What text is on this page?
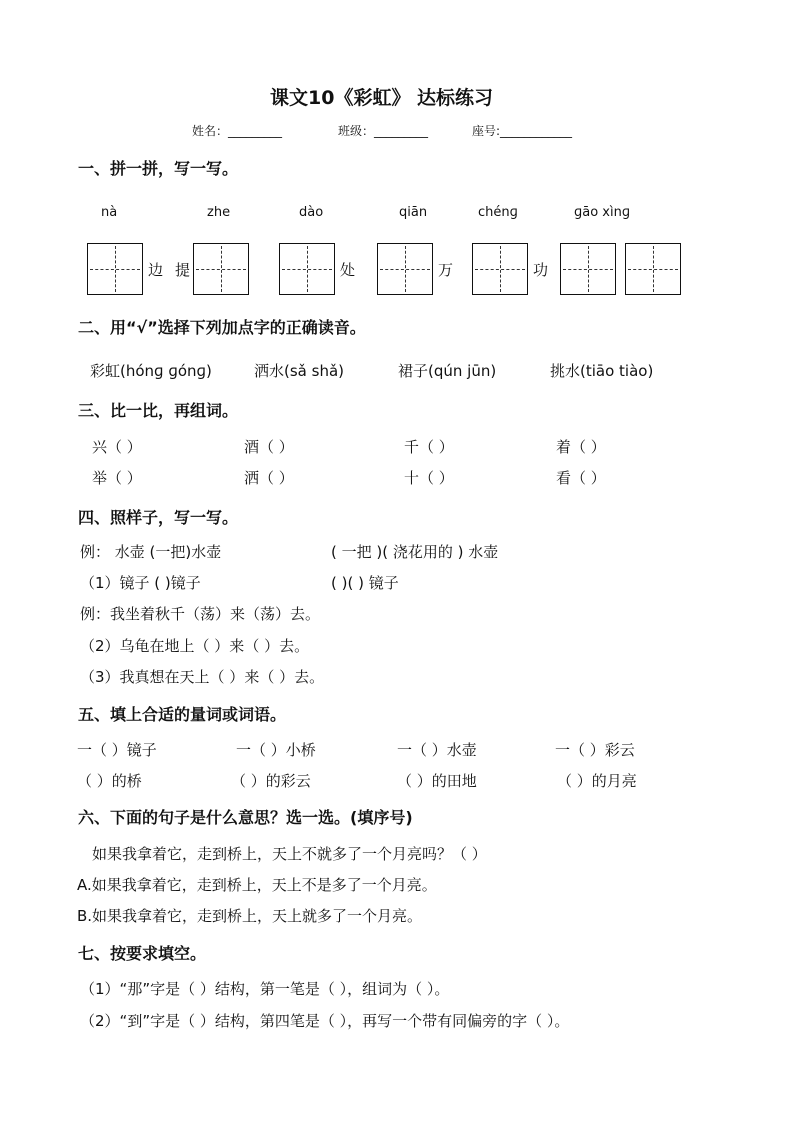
课文10《彩虹》 达标练习
姓名：_________	班级：_________	座号:____________
一、拼一拼，写一写。
nà	zhe	dào	qiān	chénɡ	ɡāo xìnɡ
边 提	处	万	功
二、用“√”选择下列加点字的正确读音。
彩虹(hónɡ ɡónɡ)	洒水(sǎ shǎ)	裙子(qún jūn)	挑水(tiāo tiào)
三、比一比，再组词。
兴（ ）	酒（ ）	千（ ）	着（ ）
举（ ）	洒（ ）	十（ ）	看（ ）
四、照样子，写一写。
例： 水壶 (一把)水壶	( 一把 )( 浇花用的 ) 水壶
（1）镜子 ( )镜子	( )( ) 镜子
例：我坐着秋千（荡）来（荡）去。
（2）乌龟在地上（ ）来（ ）去。
（3）我真想在天上（ ）来（ ）去。
五、填上合适的量词或词语。
一（ ）镜子	一（ ）小桥	一（ ）水壶	一（ ）彩云
（ ）的桥	（ ）的彩云	（ ）的田地	（ ）的月亮
六、下面的句子是什么意思？选一选。(填序号)
如果我拿着它，走到桥上，天上不就多了一个月亮吗？（ ）
A.如果我拿着它，走到桥上，天上不是多了一个月亮。
B.如果我拿着它，走到桥上，天上就多了一个月亮。
七、按要求填空。
（1）“那”字是（ ）结构，第一笔是（ ），组词为（ ）。
（2）“到”字是（ ）结构，第四笔是（ ），再写一个带有同偏旁的字（ ）。
